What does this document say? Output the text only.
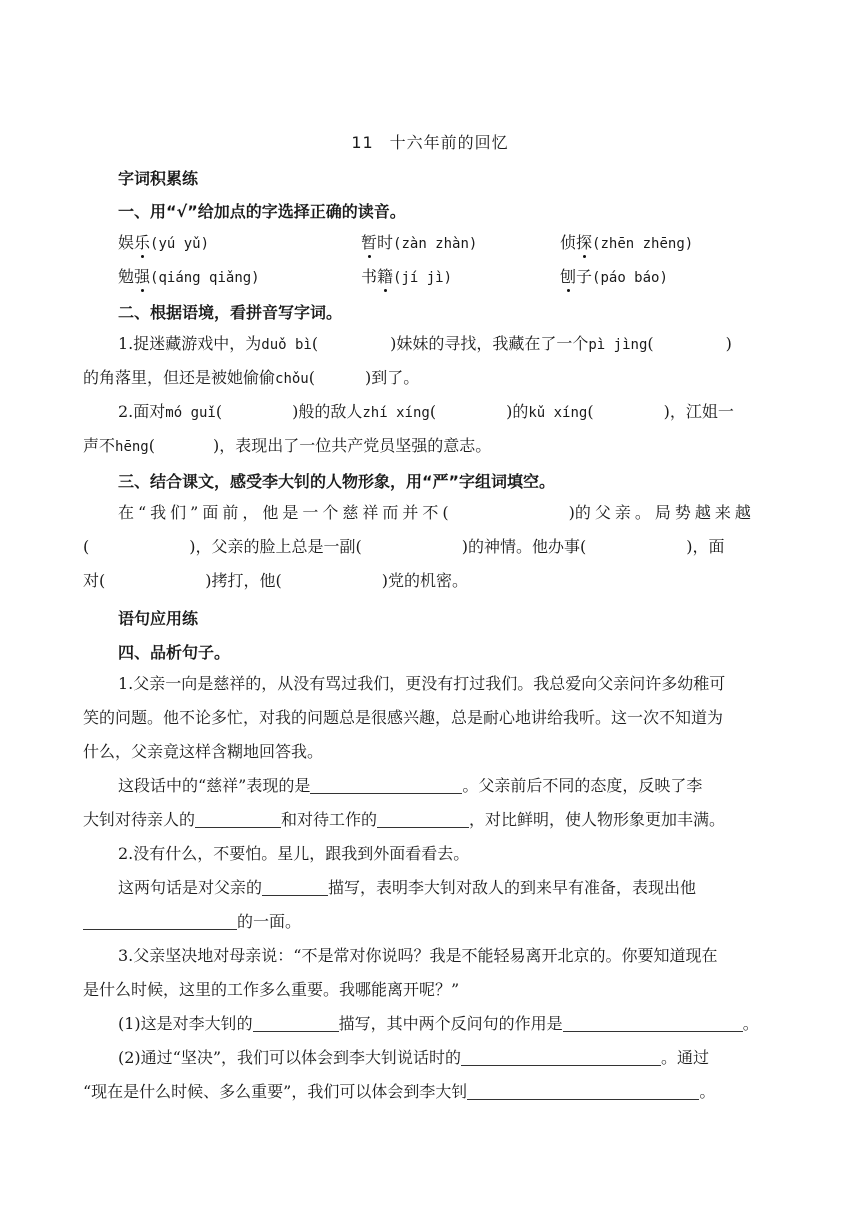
11 十六年前的回忆
字词积累练
一、用“√”给加点的字选择正确的读音。
娱乐(yú yǔ)	暂时(zàn zhàn)	侦探(zhēn zhēng)
勉强(qiáng qiǎng)	书籍(jí jì)	刨子(páo báo)
二、根据语境，看拼音写字词。
1.捉迷藏游戏中，为duǒ bì(	)妹妹的寻找，我藏在了一个pì jìng(	)
的角落里，但还是被她偷偷chǒu(	)到了。
2.面对mó guǐ(	)般的敌人zhí xíng(	)的kǔ xíng(	)，江姐一
声不hēng(	)，表现出了一位共产党员坚强的意志。
三、结合课文，感受李大钊的人物形象，用“严”字组词填空。
在“我们”面前，他是一个慈祥而并不(	)的父亲。局势越来越
(	)，父亲的脸上总是一副(	)的神情。他办事(	)，面
对(	)拷打，他(	)党的机密。
语句应用练
四、品析句子。
1.父亲一向是慈祥的，从没有骂过我们，更没有打过我们。我总爱向父亲问许多幼稚可
笑的问题。他不论多忙，对我的问题总是很感兴趣，总是耐心地讲给我听。这一次不知道为
什么，父亲竟这样含糊地回答我。
这段话中的“慈祥”表现的是	。父亲前后不同的态度，反映了李
大钊对待亲人的	和对待工作的	，对比鲜明，使人物形象更加丰满。
2.没有什么，不要怕。星儿，跟我到外面看看去。
这两句话是对父亲的	描写，表明李大钊对敌人的到来早有准备，表现出他
的一面。
3.父亲坚决地对母亲说：“不是常对你说吗？我是不能轻易离开北京的。你要知道现在
是什么时候，这里的工作多么重要。我哪能离开呢？”
(1)这是对李大钊的	描写，其中两个反问句的作用是	。
(2)通过“坚决”，我们可以体会到李大钊说话时的	。通过
“现在是什么时候、多么重要”，我们可以体会到李大钊	。
